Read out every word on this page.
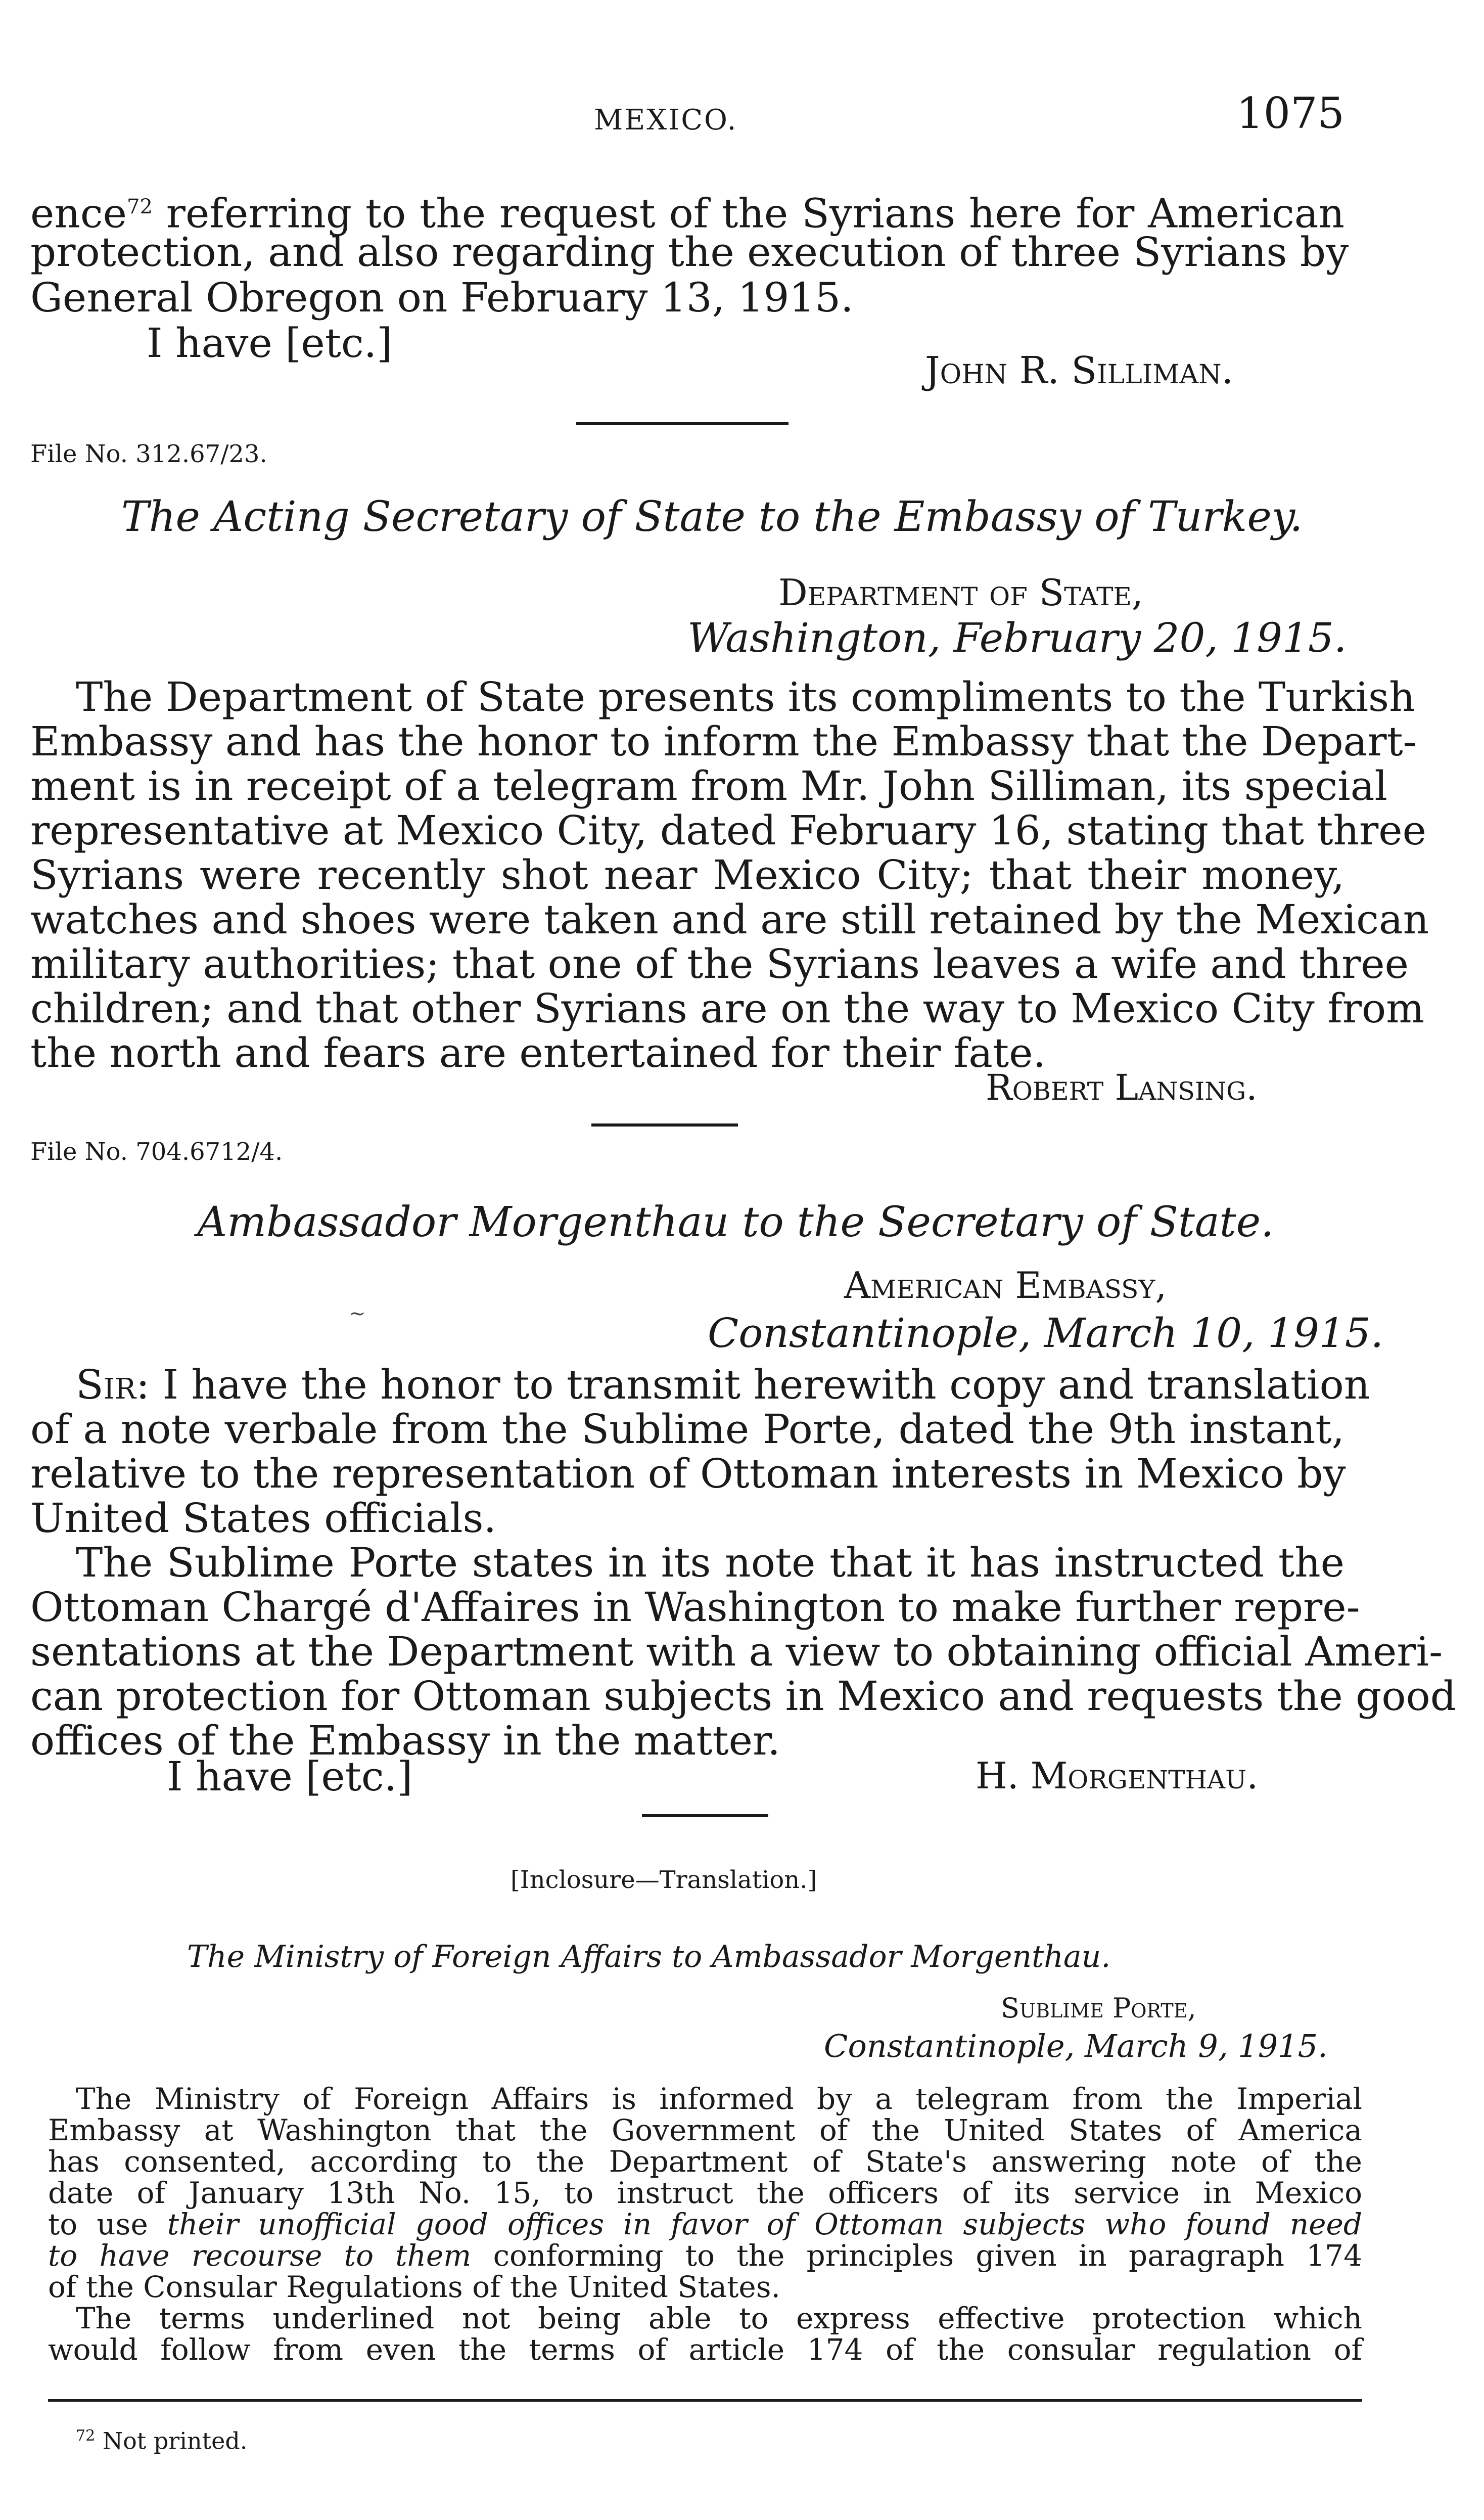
MEXICO.	1075
ence$^{72}$ referring to the request of the Syrians here for American
protection, and also regarding the execution of three Syrians by
General Obregon on February 13, 1915.
I have [etc.]
John R. Silliman.
File No. 312.67/23.
The Acting Secretary of State to the Embassy of Turkey.
Department of State,
Washington, February 20, 1915.
The Department of State presents its compliments to the Turkish
Embassy and has the honor to inform the Embassy that the Depart-
ment is in receipt of a telegram from Mr. John Silliman, its special
representative at Mexico City, dated February 16, stating that three
Syrians were recently shot near Mexico City; that their money,
watches and shoes were taken and are still retained by the Mexican
military authorities; that one of the Syrians leaves a wife and three
children; and that other Syrians are on the way to Mexico City from
the north and fears are entertained for their fate.
Robert Lansing.
File No. 704.6712/4.
Ambassador Morgenthau to the Secretary of State.
~
American Embassy,
Constantinople, March 10, 1915.
Sir: I have the honor to transmit herewith copy and translation
of a note verbale from the Sublime Porte, dated the 9th instant,
relative to the representation of Ottoman interests in Mexico by
United States officials.
The Sublime Porte states in its note that it has instructed the
Ottoman Chargé d'Affaires in Washington to make further repre-
sentations at the Department with a view to obtaining official Ameri-
can protection for Ottoman subjects in Mexico and requests the good
offices of the Embassy in the matter.
I have [etc.]	H. Morgenthau.
[Inclosure—Translation.]
The Ministry of Foreign Affairs to Ambassador Morgenthau.
Sublime Porte,
Constantinople, March 9, 1915.
The Ministry of Foreign Affairs is informed by a telegram from the Imperial
Embassy at Washington that the Government of the United States of America
has consented, according to the Department of State's answering note of the
date of January 13th No. 15, to instruct the officers of its service in Mexico
to use their unofficial good offices in favor of Ottoman subjects who found need
to have recourse to them conforming to the principles given in paragraph 174
of the Consular Regulations of the United States.
The terms underlined not being able to express effective protection which
would follow from even the terms of article 174 of the consular regulation of
$^{72}$ Not printed.
